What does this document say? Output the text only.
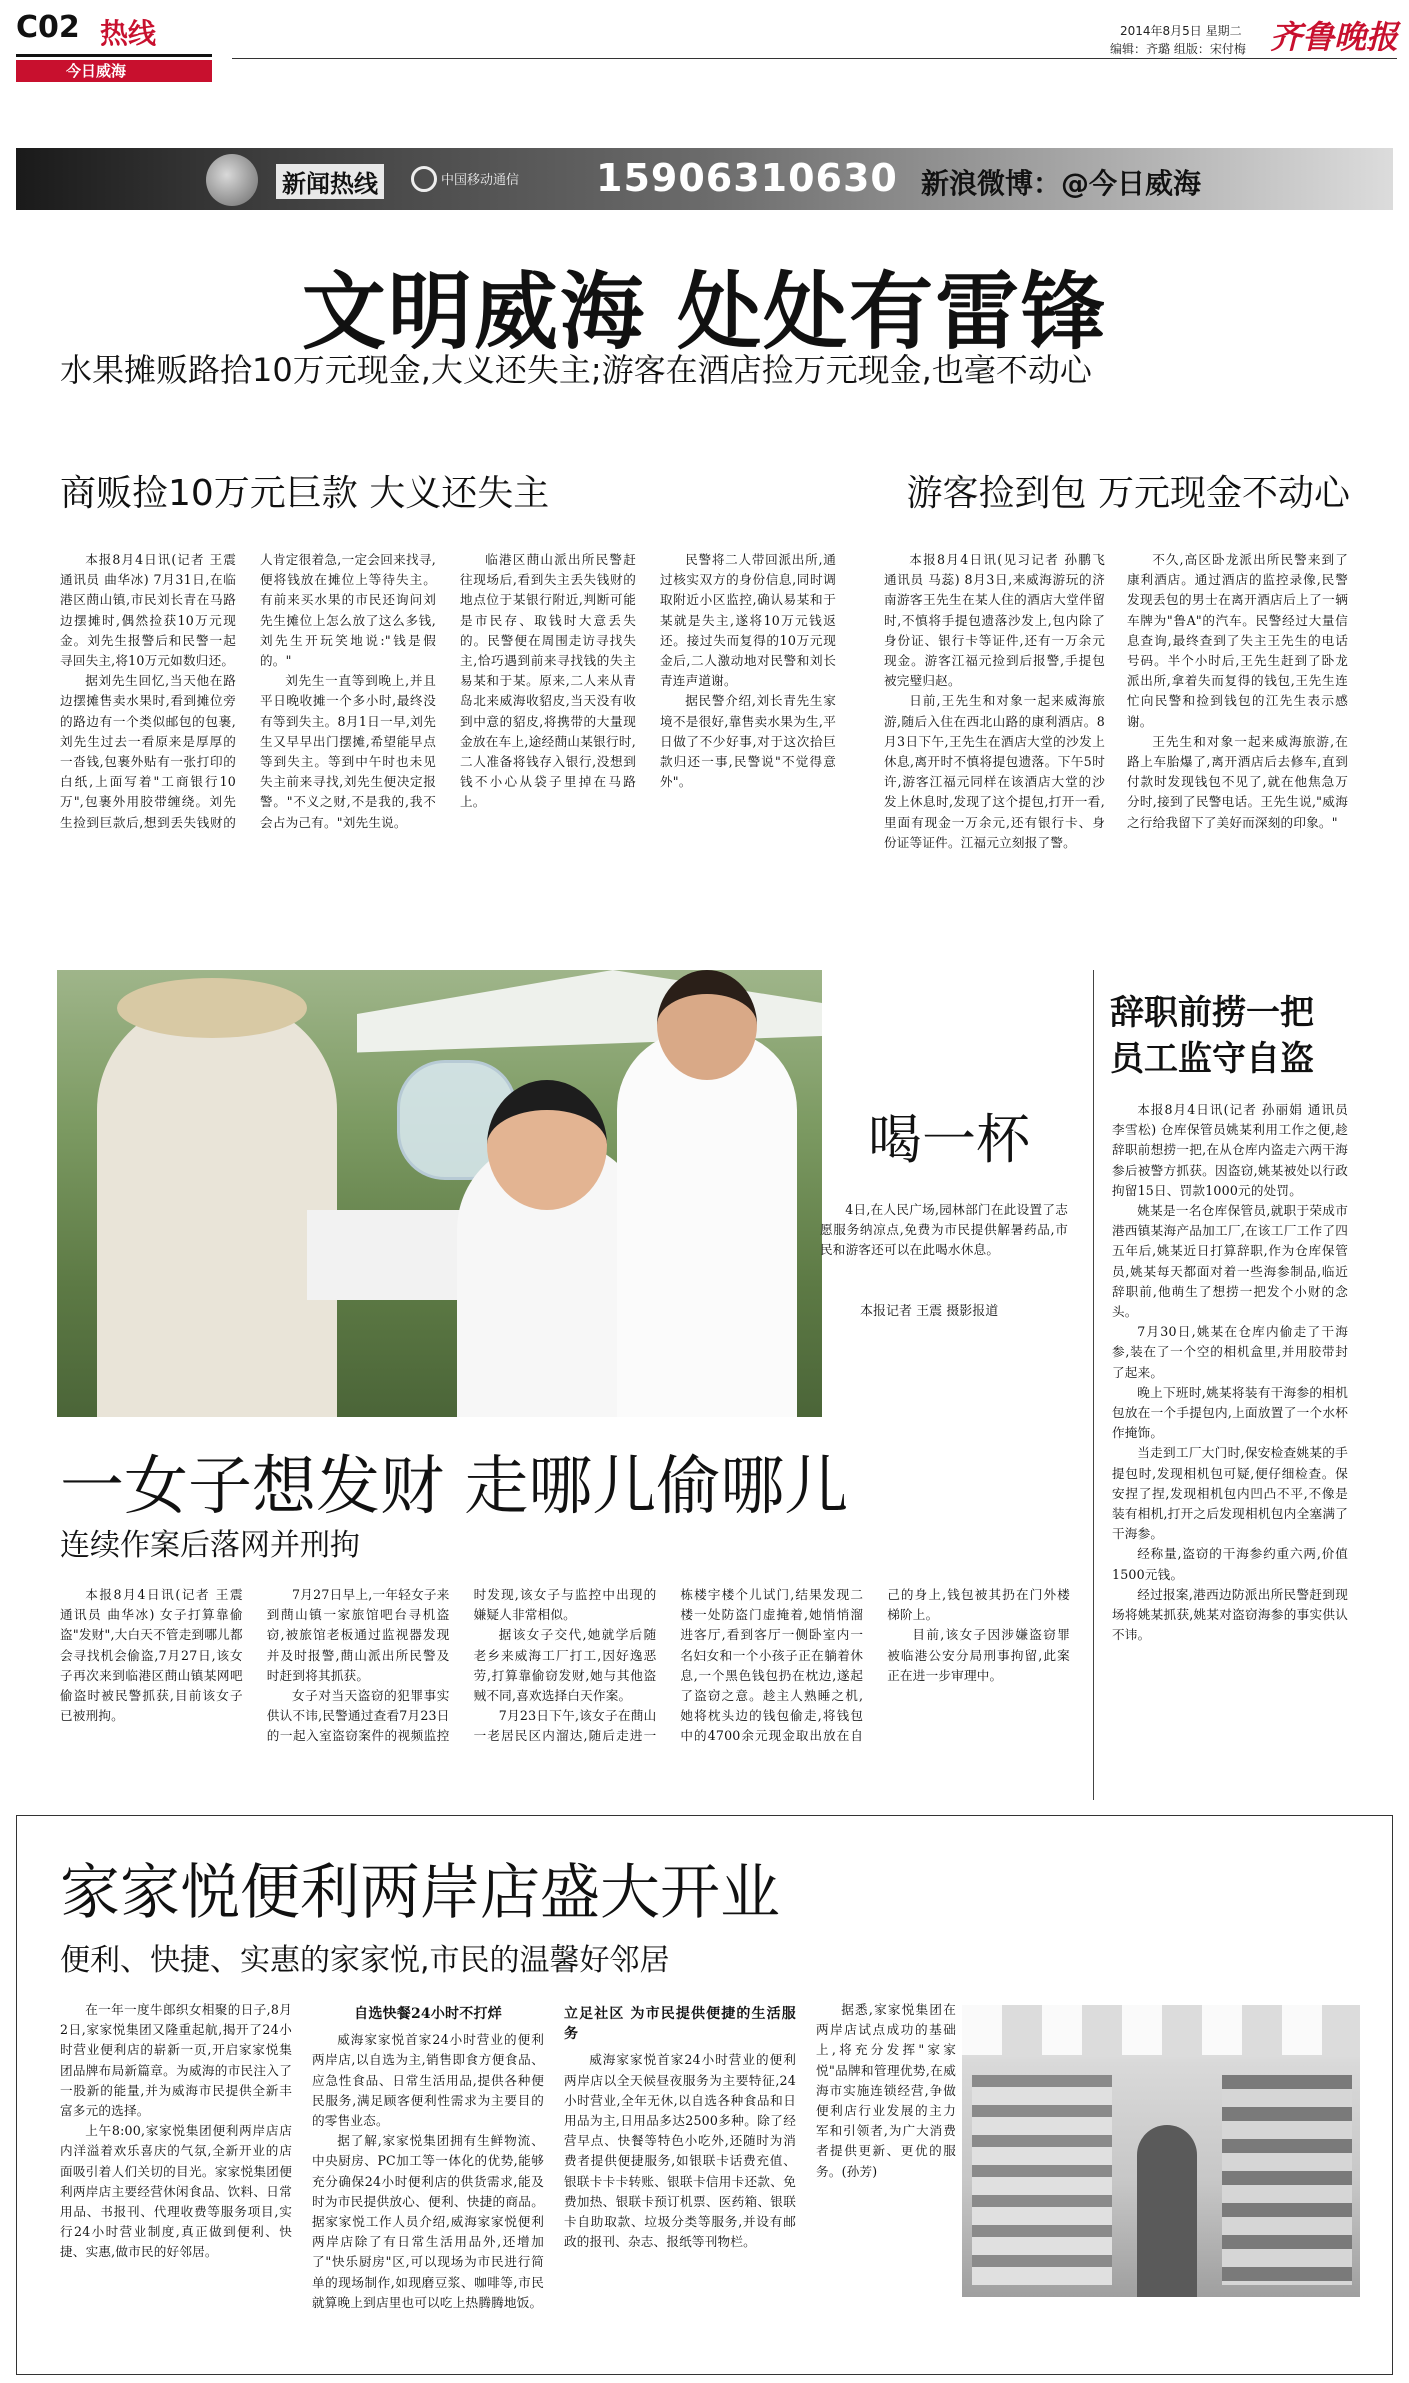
C02 热线
今日威海
2014年8月5日 星期二
编辑：齐璐 组版：宋付梅 齐鲁晚报
新闻热线	中国移动通信 15906310630 新浪微博：@今日威海
文明威海 处处有雷锋
水果摊贩路拾10万元现金,大义还失主;游客在酒店捡万元现金,也毫不动心
商贩捡10万元巨款 大义还失主

本报8月4日讯(记者 王震 通讯员 曲华冰) 7月31日,在临港区蔄山镇,市民刘长青在马路边摆摊时,偶然捡获10万元现金。刘先生报警后和民警一起寻回失主,将10万元如数归还。

据刘先生回忆,当天他在路边摆摊售卖水果时,看到摊位旁的路边有一个类似邮包的包裹,刘先生过去一看原来是厚厚的一沓钱,包裹外贴有一张打印的白纸,上面写着"工商银行10万",包裹外用胶带缠绕。刘先生捡到巨款后,想到丢失钱财的人肯定很着急,一定会回来找寻,便将钱放在摊位上等待失主。有前来买水果的市民还询问刘先生摊位上怎么放了这么多钱,刘先生开玩笑地说:"钱是假的。"

刘先生一直等到晚上,并且平日晚收摊一个多小时,最终没有等到失主。8月1日一早,刘先生又早早出门摆摊,希望能早点等到失主。等到中午时也未见失主前来寻找,刘先生便决定报警。"不义之财,不是我的,我不会占为己有。"刘先生说。

临港区蔄山派出所民警赶往现场后,看到失主丢失钱财的地点位于某银行附近,判断可能是市民存、取钱时大意丢失的。民警便在周围走访寻找失主,恰巧遇到前来寻找钱的失主易某和于某。原来,二人来从青岛北来威海收貂皮,当天没有收到中意的貂皮,将携带的大量现金放在车上,途经蔄山某银行时,二人准备将钱存入银行,没想到钱不小心从袋子里掉在马路上。

民警将二人带回派出所,通过核实双方的身份信息,同时调取附近小区监控,确认易某和于某就是失主,遂将10万元钱返还。接过失而复得的10万元现金后,二人激动地对民警和刘长青连声道谢。

据民警介绍,刘长青先生家境不是很好,靠售卖水果为生,平日做了不少好事,对于这次拾巨款归还一事,民警说"不觉得意外"。

游客捡到包 万元现金不动心

本报8月4日讯(见习记者 孙鹏飞 通讯员 马蕊) 8月3日,来威海游玩的济南游客王先生在某人住的酒店大堂伴留时,不慎将手提包遗落沙发上,包内除了身份证、银行卡等证件,还有一万余元现金。游客江福元捡到后报警,手提包被完璧归赵。

日前,王先生和对象一起来威海旅游,随后入住在西北山路的康利酒店。8月3日下午,王先生在酒店大堂的沙发上休息,离开时不慎将提包遗落。下午5时许,游客江福元同样在该酒店大堂的沙发上休息时,发现了这个提包,打开一看,里面有现金一万余元,还有银行卡、身份证等证件。江福元立刻报了警。

不久,高区卧龙派出所民警来到了康利酒店。通过酒店的监控录像,民警发现丢包的男士在离开酒店后上了一辆车牌为"鲁A"的汽车。民警经过大量信息查询,最终查到了失主王先生的电话号码。半个小时后,王先生赶到了卧龙派出所,拿着失而复得的钱包,王先生连忙向民警和捡到钱包的江先生表示感谢。

王先生和对象一起来威海旅游,在路上车胎爆了,离开酒店后去修车,直到付款时发现钱包不见了,就在他焦急万分时,接到了民警电话。王先生说,"威海之行给我留下了美好而深刻的印象。"

喝一杯
4日,在人民广场,园林部门在此设置了志愿服务纳凉点,免费为市民提供解暑药品,市民和游客还可以在此喝水休息。
本报记者 王震 摄影报道
辞职前捞一把 员工监守自盗

本报8月4日讯(记者 孙丽娟 通讯员 李雪松) 仓库保管员姚某利用工作之便,趁辞职前想捞一把,在从仓库内盗走六两干海参后被警方抓获。因盗窃,姚某被处以行政拘留15日、罚款1000元的处罚。

姚某是一名仓库保管员,就职于荣成市港西镇某海产品加工厂,在该工厂工作了四五年后,姚某近日打算辞职,作为仓库保管员,姚某每天都面对着一些海参制品,临近辞职前,他萌生了想捞一把发个小财的念头。

7月30日,姚某在仓库内偷走了干海参,装在了一个空的相机盒里,并用胶带封了起来。

晚上下班时,姚某将装有干海参的相机包放在一个手提包内,上面放置了一个水杯作掩饰。

当走到工厂大门时,保安检查姚某的手提包时,发现相机包可疑,便仔细检查。保安捏了捏,发现相机包内凹凸不平,不像是装有相机,打开之后发现相机包内全塞满了干海参。

经称量,盗窃的干海参约重六两,价值1500元钱。

经过报案,港西边防派出所民警赶到现场将姚某抓获,姚某对盗窃海参的事实供认不讳。

一女子想发财 走哪儿偷哪儿
连续作案后落网并刑拘

本报8月4日讯(记者 王震 通讯员 曲华冰) 女子打算靠偷盗"发财",大白天不管走到哪儿都会寻找机会偷盗,7月27日,该女子再次来到临港区蔄山镇某网吧偷盗时被民警抓获,目前该女子已被刑拘。

7月27日早上,一年轻女子来到蔄山镇一家旅馆吧台寻机盗窃,被旅馆老板通过监视器发现并及时报警,蔄山派出所民警及时赶到将其抓获。

女子对当天盗窃的犯罪事实供认不讳,民警通过查看7月23日的一起入室盗窃案件的视频监控时发现,该女子与监控中出现的嫌疑人非常相似。

据该女子交代,她就学后随老乡来威海工厂打工,因好逸恶劳,打算靠偷窃发财,她与其他盗贼不同,喜欢选择白天作案。

7月23日下午,该女子在蔄山一老居民区内溜达,随后走进一栋楼宇楼个儿试门,结果发现二楼一处防盗门虚掩着,她悄悄溜进客厅,看到客厅一侧卧室内一名妇女和一个小孩子正在躺着休息,一个黑色钱包扔在枕边,遂起了盗窃之意。趁主人熟睡之机,她将枕头边的钱包偷走,将钱包中的4700余元现金取出放在自己的身上,钱包被其扔在门外楼梯阶上。

目前,该女子因涉嫌盗窃罪被临港公安分局刑事拘留,此案正在进一步审理中。

家家悦便利两岸店盛大开业
便利、快捷、实惠的家家悦,市民的温馨好邻居

在一年一度牛郎织女相聚的日子,8月2日,家家悦集团又隆重起航,揭开了24小时营业便利店的崭新一页,开启家家悦集团品牌布局新篇章。为威海的市民注入了一股新的能量,并为威海市民提供全新丰富多元的选择。

上午8:00,家家悦集团便利两岸店店内洋溢着欢乐喜庆的气氛,全新开业的店面吸引着人们关切的目光。家家悦集团便利两岸店主要经营休闲食品、饮料、日常用品、书报刊、代理收费等服务项目,实行24小时营业制度,真正做到便利、快捷、实惠,做市民的好邻居。

自选快餐24小时不打烊

威海家家悦首家24小时营业的便利两岸店,以自选为主,销售即食方便食品、应急性食品、日常生活用品,提供各种便民服务,满足顾客便利性需求为主要目的的零售业态。

据了解,家家悦集团拥有生鲜物流、中央厨房、PC加工等一体化的优势,能够充分确保24小时便利店的供货需求,能及时为市民提供放心、便利、快捷的商品。据家家悦工作人员介绍,威海家家悦便利两岸店除了有日常生活用品外,还增加了"快乐厨房"区,可以现场为市民进行简单的现场制作,如现磨豆浆、咖啡等,市民就算晚上到店里也可以吃上热腾腾地饭。

立足社区 为市民提供便捷的生活服务

威海家家悦首家24小时营业的便利两岸店以全天候昼夜服务为主要特征,24小时营业,全年无休,以自选各种食品和日用品为主,日用品多达2500多种。除了经营早点、快餐等特色小吃外,还随时为消费者提供便捷服务,如银联卡话费充值、银联卡卡卡转账、银联卡信用卡还款、免费加热、银联卡预订机票、医药箱、银联卡自助取款、垃圾分类等服务,并设有邮政的报刊、杂志、报纸等刊物栏。

据悉,家家悦集团在两岸店试点成功的基础上,将充分发挥"家家悦"品牌和管理优势,在威海市实施连锁经营,争做便利店行业发展的主力军和引领者,为广大消费者提供更新、更优的服务。(孙芳)
